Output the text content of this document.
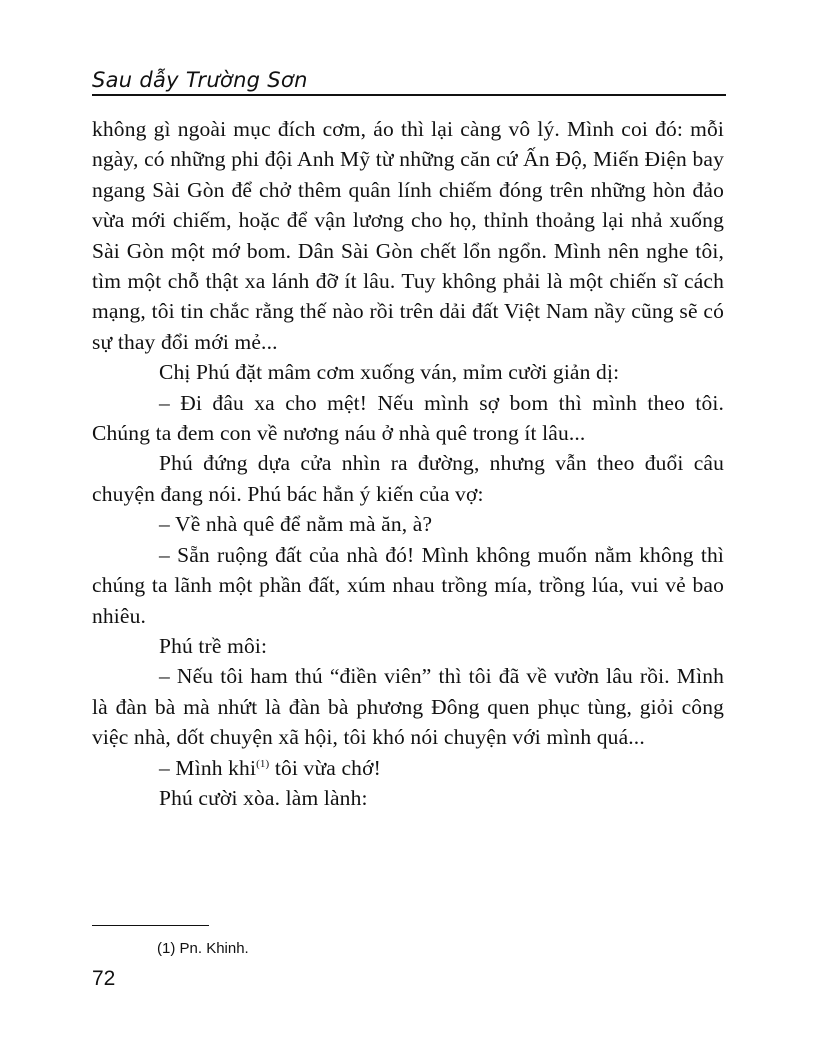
Sau dẫy Trường Sơn

không gì ngoài mục đích cơm, áo thì lại càng vô lý. Mình coi đó: mỗi ngày, có những phi đội Anh Mỹ từ những căn cứ Ấn Độ, Miến Điện bay ngang Sài Gòn để chở thêm quân lính chiếm đóng trên những hòn đảo vừa mới chiếm, hoặc để vận lương cho họ, thỉnh thoảng lại nhả xuống Sài Gòn một mớ bom. Dân Sài Gòn chết lổn ngổn. Mình nên nghe tôi, tìm một chỗ thật xa lánh đỡ ít lâu. Tuy không phải là một chiến sĩ cách mạng, tôi tin chắc rằng thế nào rồi trên dải đất Việt Nam nầy cũng sẽ có sự thay đổi mới mẻ...

Chị Phú đặt mâm cơm xuống ván, mỉm cười giản dị:

– Đi đâu xa cho mệt! Nếu mình sợ bom thì mình theo tôi. Chúng ta đem con về nương náu ở nhà quê trong ít lâu...

Phú đứng dựa cửa nhìn ra đường, nhưng vẫn theo đuổi câu chuyện đang nói. Phú bác hẳn ý kiến của vợ:

– Về nhà quê để nằm mà ăn, à?

– Sẵn ruộng đất của nhà đó! Mình không muốn nằm không thì chúng ta lãnh một phần đất, xúm nhau trồng mía, trồng lúa, vui vẻ bao nhiêu.

Phú trề môi:

– Nếu tôi ham thú “điền viên” thì tôi đã về vườn lâu rồi. Mình là đàn bà mà nhứt là đàn bà phương Đông quen phục tùng, giỏi công việc nhà, dốt chuyện xã hội, tôi khó nói chuyện với mình quá...

– Mình khi$^{(1)}$ tôi vừa chớ!

Phú cười xòa. làm lành:

(1) Pn. Khinh.
72
